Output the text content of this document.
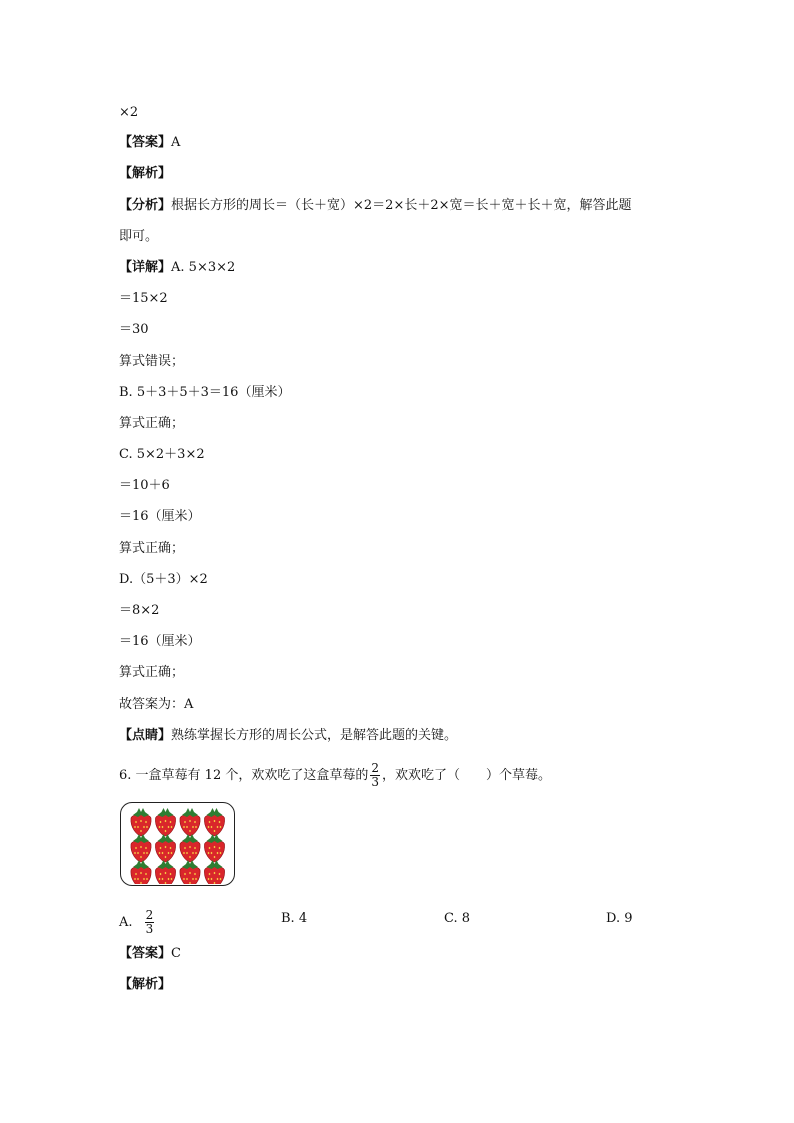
×2
【答案】A
【解析】
【分析】根据长方形的周长＝（长＋宽）×2＝2×长＋2×宽＝长＋宽＋长＋宽，解答此题
即可。
【详解】A. 5×3×2
＝15×2
＝30
算式错误；
B. 5＋3＋5＋3＝16（厘米）
算式正确；
C. 5×2＋3×2
＝10＋6
＝16（厘米）
算式正确；
D.（5＋3）×2
＝8×2
＝16（厘米）
算式正确；
故答案为：A
【点睛】熟练掌握长方形的周长公式，是解答此题的关键。
6. 一盒草莓有 12 个，欢欢吃了这盒草莓的 $\frac{2}{3}$ ，欢欢吃了（　　）个草莓。
A. $\frac{2}{3}$	B. 4	C. 8	D. 9
【答案】C
【解析】
